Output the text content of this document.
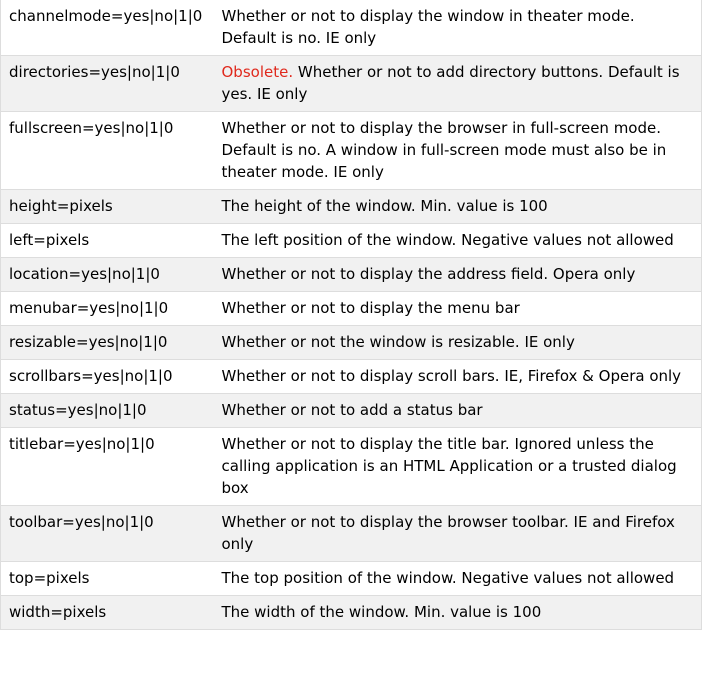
channelmode=yes|no|1|0	Whether or not to display the window in theater mode. Default is no. IE only
directories=yes|no|1|0	Obsolete. Whether or not to add directory buttons. Default is yes. IE only
fullscreen=yes|no|1|0	Whether or not to display the browser in full-screen mode. Default is no. A window in full-screen mode must also be in theater mode. IE only
height=pixels	The height of the window. Min. value is 100
left=pixels	The left position of the window. Negative values not allowed
location=yes|no|1|0	Whether or not to display the address field. Opera only
menubar=yes|no|1|0	Whether or not to display the menu bar
resizable=yes|no|1|0	Whether or not the window is resizable. IE only
scrollbars=yes|no|1|0	Whether or not to display scroll bars. IE, Firefox & Opera only
status=yes|no|1|0	Whether or not to add a status bar
titlebar=yes|no|1|0	Whether or not to display the title bar. Ignored unless the calling application is an HTML Application or a trusted dialog box
toolbar=yes|no|1|0	Whether or not to display the browser toolbar. IE and Firefox only
top=pixels	The top position of the window. Negative values not allowed
width=pixels	The width of the window. Min. value is 100
